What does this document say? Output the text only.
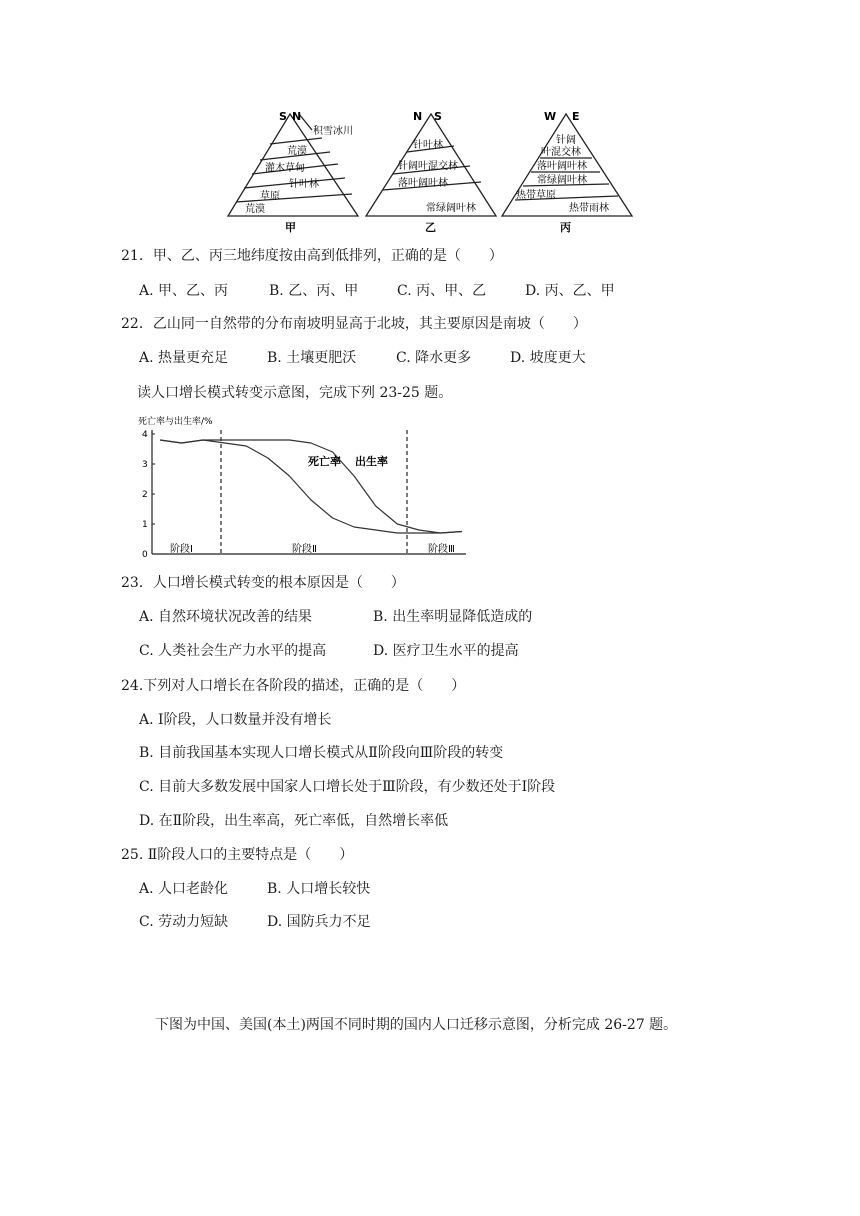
S N
积雪冰川
荒漠
灌木草甸
针叶林
草原
荒漠
甲
N S
针叶林
针阔叶混交林
落叶阔叶林
常绿阔叶林
乙
W E
针阔
叶混交林
落叶阔叶林
常绿阔叶林
热带草原
热带雨林
丙
21．甲、乙、丙三地纬度按由高到低排列，正确的是（　　）
A. 甲、乙、丙	B. 乙、丙、甲	C. 丙、甲、乙	D. 丙、乙、甲
22．乙山同一自然带的分布南坡明显高于北坡，其主要原因是南坡（　　）
A. 热量更充足	B. 土壤更肥沃	C. 降水更多	D. 坡度更大
读人口增长模式转变示意图，完成下列 23-25 题。
死亡率与出生率/%
0
1
2
3
4
死亡率 出生率
阶段Ⅰ	阶段Ⅱ	阶段Ⅲ
23．人口增长模式转变的根本原因是（　　）
A. 自然环境状况改善的结果	B. 出生率明显降低造成的
C. 人类社会生产力水平的提高	D. 医疗卫生水平的提高
24.下列对人口增长在各阶段的描述，正确的是（　　）
A. Ⅰ阶段，人口数量并没有增长
B. 目前我国基本实现人口增长模式从Ⅱ阶段向Ⅲ阶段的转变
C. 目前大多数发展中国家人口增长处于Ⅲ阶段，有少数还处于Ⅰ阶段
D. 在Ⅱ阶段，出生率高，死亡率低，自然增长率低
25. Ⅱ阶段人口的主要特点是（　　）
A. 人口老龄化	B. 人口增长较快
C. 劳动力短缺	D. 国防兵力不足
下图为中国、美国(本土)两国不同时期的国内人口迁移示意图，分析完成 26-27 题。
